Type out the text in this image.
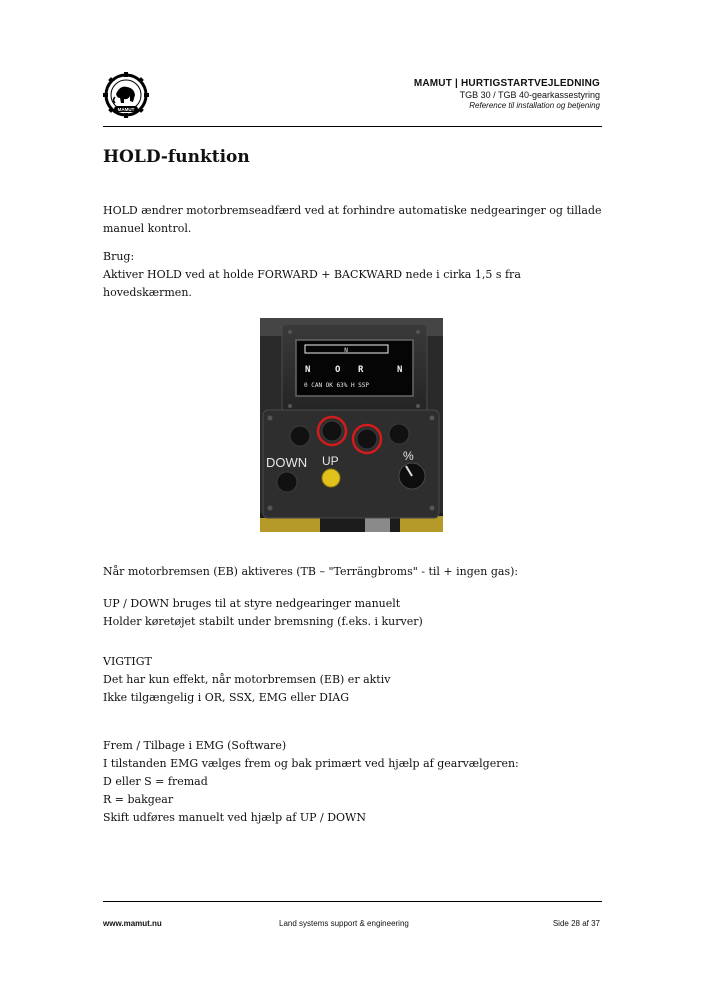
MAMUT
MAMUT | HURTIGSTARTVEJLEDNING
TGB 30 / TGB 40-gearkassestyring
Reference til installation og betjening
HOLD-funktion

HOLD ændrer motorbremseadfærd ved at forhindre automatiske nedgearinger og tillade

manuel kontrol.

Brug:

Aktiver HOLD ved at holde FORWARD + BACKWARD nede i cirka 1,5 s fra hovedskærmen.

N
N	O R	N
0 CAN OK 63% H SSP
DOWN UP	%

Når motorbremsen (EB) aktiveres (TB – "Terrängbroms" - til + ingen gas):

UP / DOWN bruges til at styre nedgearinger manuelt

Holder køretøjet stabilt under bremsning (f.eks. i kurver)

VIGTIGT

Det har kun effekt, når motorbremsen (EB) er aktiv

Ikke tilgængelig i OR, SSX, EMG eller DIAG

Frem / Tilbage i EMG (Software)

I tilstanden EMG vælges frem og bak primært ved hjælp af gearvælgeren:

D eller S = fremad

R = bakgear

Skift udføres manuelt ved hjælp af UP / DOWN

www.mamut.nu	Land systems support & engineering	Side 28 af 37
